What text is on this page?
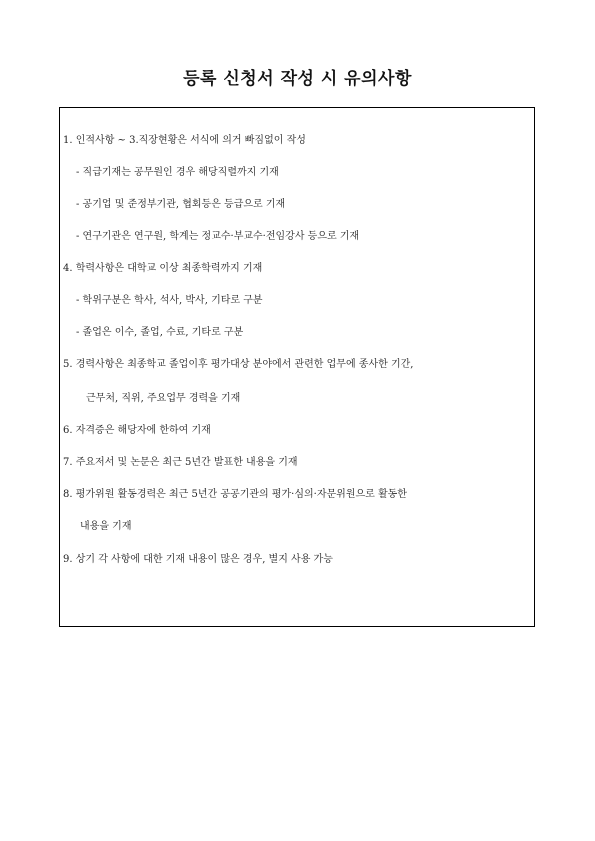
등록 신청서 작성 시 유의사항
1. 인적사항 ~ 3.직장현황은 서식에 의거 빠짐없이 작성
- 직급기재는 공무원인 경우 해당직렬까지 기재
- 공기업 및 준정부기관, 협회등은 등급으로 기재
- 연구기관은 연구원, 학계는 정교수·부교수·전임강사 등으로 기재
4. 학력사항은 대학교 이상 최종학력까지 기재
- 학위구분은 학사, 석사, 박사, 기타로 구분
- 졸업은 이수, 졸업, 수료, 기타로 구분
5. 경력사항은 최종학교 졸업이후 평가대상 분야에서 관련한 업무에 종사한 기간,
근무처, 직위, 주요업무 경력을 기재
6. 자격증은 해당자에 한하여 기재
7. 주요저서 및 논문은 최근 5년간 발표한 내용을 기재
8. 평가위원 활동경력은 최근 5년간 공공기관의 평가·심의·자문위원으로 활동한
내용을 기재
9. 상기 각 사항에 대한 기재 내용이 많은 경우, 별지 사용 가능
